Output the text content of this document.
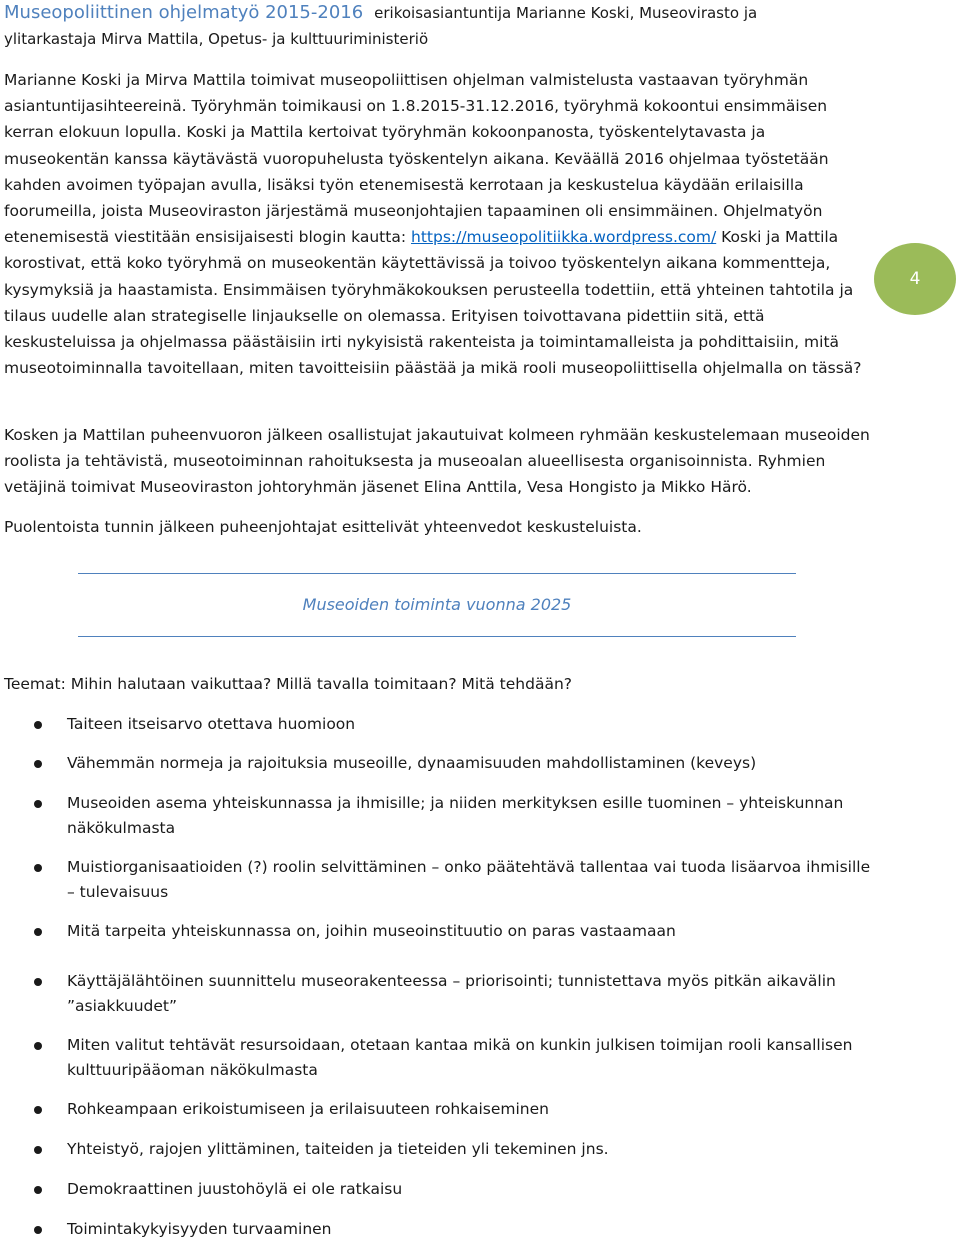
Museopoliittinen ohjelmatyö 2015-2016 erikoisasiantuntija Marianne Koski, Museovirasto ja
ylitarkastaja Mirva Mattila, Opetus- ja kulttuuriministeriö

Marianne Koski ja Mirva Mattila toimivat museopoliittisen ohjelman valmistelusta vastaavan työryhmän asiantuntijasihteereinä. Työryhmän toimikausi on 1.8.2015-31.12.2016, työryhmä kokoontui ensimmäisen kerran elokuun lopulla. Koski ja Mattila kertoivat työryhmän kokoonpanosta, työskentelytavasta ja museokentän kanssa käytävästä vuoropuhelusta työskentelyn aikana. Keväällä 2016 ohjelmaa työstetään kahden avoimen työpajan avulla, lisäksi työn etenemisestä kerrotaan ja keskustelua käydään erilaisilla foorumeilla, joista Museoviraston järjestämä museonjohtajien tapaaminen oli ensimmäinen. Ohjelmatyön etenemisestä viestitään ensisijaisesti blogin kautta: https://museopolitiikka.wordpress.com/ Koski ja Mattila korostivat, että koko työryhmä on museokentän käytettävissä ja toivoo työskentelyn aikana kommentteja, kysymyksiä ja haastamista. Ensimmäisen työryhmäkokouksen perusteella todettiin, että yhteinen tahtotila ja tilaus uudelle alan strategiselle linjaukselle on olemassa. Erityisen toivottavana pidettiin sitä, että keskusteluissa ja ohjelmassa päästäisiin irti nykyisistä rakenteista ja toimintamalleista ja pohdittaisiin, mitä museotoiminnalla tavoitellaan, miten tavoitteisiin päästää ja mikä rooli museopoliittisella ohjelmalla on tässä?

4

Kosken ja Mattilan puheenvuoron jälkeen osallistujat jakautuivat kolmeen ryhmään keskustelemaan museoiden roolista ja tehtävistä, museotoiminnan rahoituksesta ja museoalan alueellisesta organisoinnista. Ryhmien vetäjinä toimivat Museoviraston johtoryhmän jäsenet Elina Anttila, Vesa Hongisto ja Mikko Härö.

Puolentoista tunnin jälkeen puheenjohtajat esittelivät yhteenvedot keskusteluista.

Museoiden toiminta vuonna 2025

Teemat: Mihin halutaan vaikuttaa? Millä tavalla toimitaan? Mitä tehdään?

Taiteen itseisarvo otettava huomioon
Vähemmän normeja ja rajoituksia museoille, dynaamisuuden mahdollistaminen (keveys)
Museoiden asema yhteiskunnassa ja ihmisille; ja niiden merkityksen esille tuominen – yhteiskunnan näkökulmasta
Muistiorganisaatioiden (?) roolin selvittäminen – onko päätehtävä tallentaa vai tuoda lisäarvoa ihmisille – tulevaisuus
Mitä tarpeita yhteiskunnassa on, joihin museoinstituutio on paras vastaamaan
Käyttäjälähtöinen suunnittelu museorakenteessa – priorisointi; tunnistettava myös pitkän aikavälin ”asiakkuudet”
Miten valitut tehtävät resursoidaan, otetaan kantaa mikä on kunkin julkisen toimijan rooli kansallisen kulttuuripääoman näkökulmasta
Rohkeampaan erikoistumiseen ja erilaisuuteen rohkaiseminen
Yhteistyö, rajojen ylittäminen, taiteiden ja tieteiden yli tekeminen jns.
Demokraattinen juustohöylä ei ole ratkaisu
Toimintakykyisyyden turvaaminen
